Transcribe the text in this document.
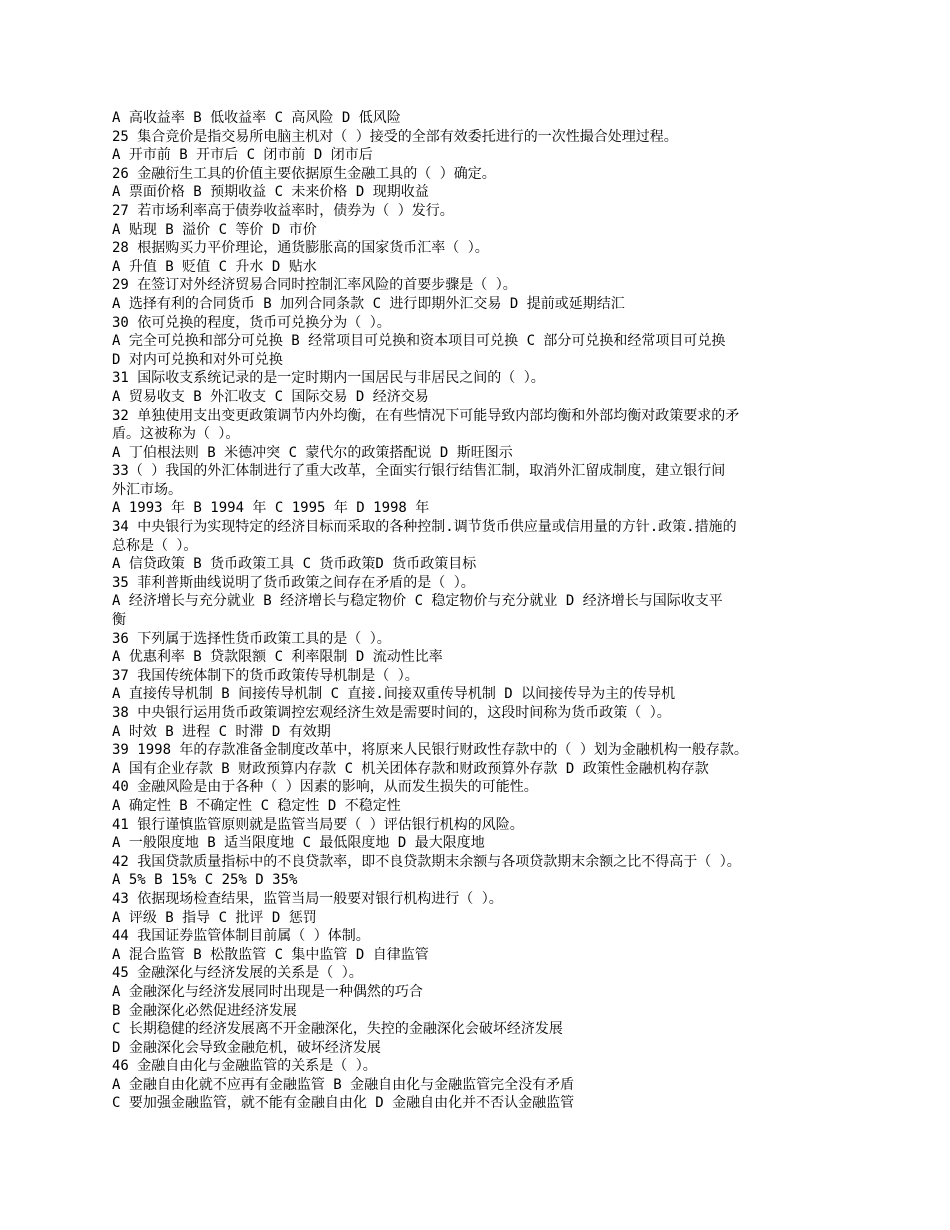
A 高收益率 B 低收益率 C 高风险 D 低风险
25 集合竞价是指交易所电脑主机对（ ）接受的全部有效委托进行的一次性撮合处理过程。
A 开市前 B 开市后 C 闭市前 D 闭市后
26 金融衍生工具的价值主要依据原生金融工具的（ ）确定。
A 票面价格 B 预期收益 C 未来价格 D 现期收益
27 若市场利率高于债券收益率时，债券为（ ）发行。
A 贴现 B 溢价 C 等价 D 市价
28 根据购买力平价理论，通货膨胀高的国家货币汇率（ ）。
A 升值 B 贬值 C 升水 D 贴水
29 在签订对外经济贸易合同时控制汇率风险的首要步骤是（ ）。
A 选择有利的合同货币 B 加列合同条款 C 进行即期外汇交易 D 提前或延期结汇
30 依可兑换的程度，货币可兑换分为（ ）。
A 完全可兑换和部分可兑换 B 经常项目可兑换和资本项目可兑换 C 部分可兑换和经常项目可兑换
D 对内可兑换和对外可兑换
31 国际收支系统记录的是一定时期内一国居民与非居民之间的（ ）。
A 贸易收支 B 外汇收支 C 国际交易 D 经济交易
32 单独使用支出变更政策调节内外均衡，在有些情况下可能导致内部均衡和外部均衡对政策要求的矛
盾。这被称为（ ）。
A 丁伯根法则 B 米德冲突 C 蒙代尔的政策搭配说 D 斯旺图示
33（ ）我国的外汇体制进行了重大改革，全面实行银行结售汇制，取消外汇留成制度，建立银行间
外汇市场。
A 1993 年 B 1994 年 C 1995 年 D 1998 年
34 中央银行为实现特定的经济目标而采取的各种控制.调节货币供应量或信用量的方针.政策.措施的
总称是（ ）。
A 信贷政策 B 货币政策工具 C 货币政策D 货币政策目标
35 菲利普斯曲线说明了货币政策之间存在矛盾的是（ ）。
A 经济增长与充分就业 B 经济增长与稳定物价 C 稳定物价与充分就业 D 经济增长与国际收支平
衡
36 下列属于选择性货币政策工具的是（ ）。
A 优惠利率 B 贷款限额 C 利率限制 D 流动性比率
37 我国传统体制下的货币政策传导机制是（ ）。
A 直接传导机制 B 间接传导机制 C 直接.间接双重传导机制 D 以间接传导为主的传导机
38 中央银行运用货币政策调控宏观经济生效是需要时间的，这段时间称为货币政策（ ）。
A 时效 B 进程 C 时滞 D 有效期
39 1998 年的存款准备金制度改革中，将原来人民银行财政性存款中的（ ）划为金融机构一般存款。
A 国有企业存款 B 财政预算内存款 C 机关团体存款和财政预算外存款 D 政策性金融机构存款
40 金融风险是由于各种（ ）因素的影响，从而发生损失的可能性。
A 确定性 B 不确定性 C 稳定性 D 不稳定性
41 银行谨慎监管原则就是监管当局要（ ）评估银行机构的风险。
A 一般限度地 B 适当限度地 C 最低限度地 D 最大限度地
42 我国贷款质量指标中的不良贷款率，即不良贷款期末余额与各项贷款期末余额之比不得高于（ ）。
A 5% B 15% C 25% D 35%
43 依据现场检查结果，监管当局一般要对银行机构进行（ ）。
A 评级 B 指导 C 批评 D 惩罚
44 我国证券监管体制目前属（ ）体制。
A 混合监管 B 松散监管 C 集中监管 D 自律监管
45 金融深化与经济发展的关系是（ ）。
A 金融深化与经济发展同时出现是一种偶然的巧合
B 金融深化必然促进经济发展
C 长期稳健的经济发展离不开金融深化，失控的金融深化会破坏经济发展
D 金融深化会导致金融危机，破坏经济发展
46 金融自由化与金融监管的关系是（ ）。
A 金融自由化就不应再有金融监管 B 金融自由化与金融监管完全没有矛盾
C 要加强金融监管，就不能有金融自由化 D 金融自由化并不否认金融监管
